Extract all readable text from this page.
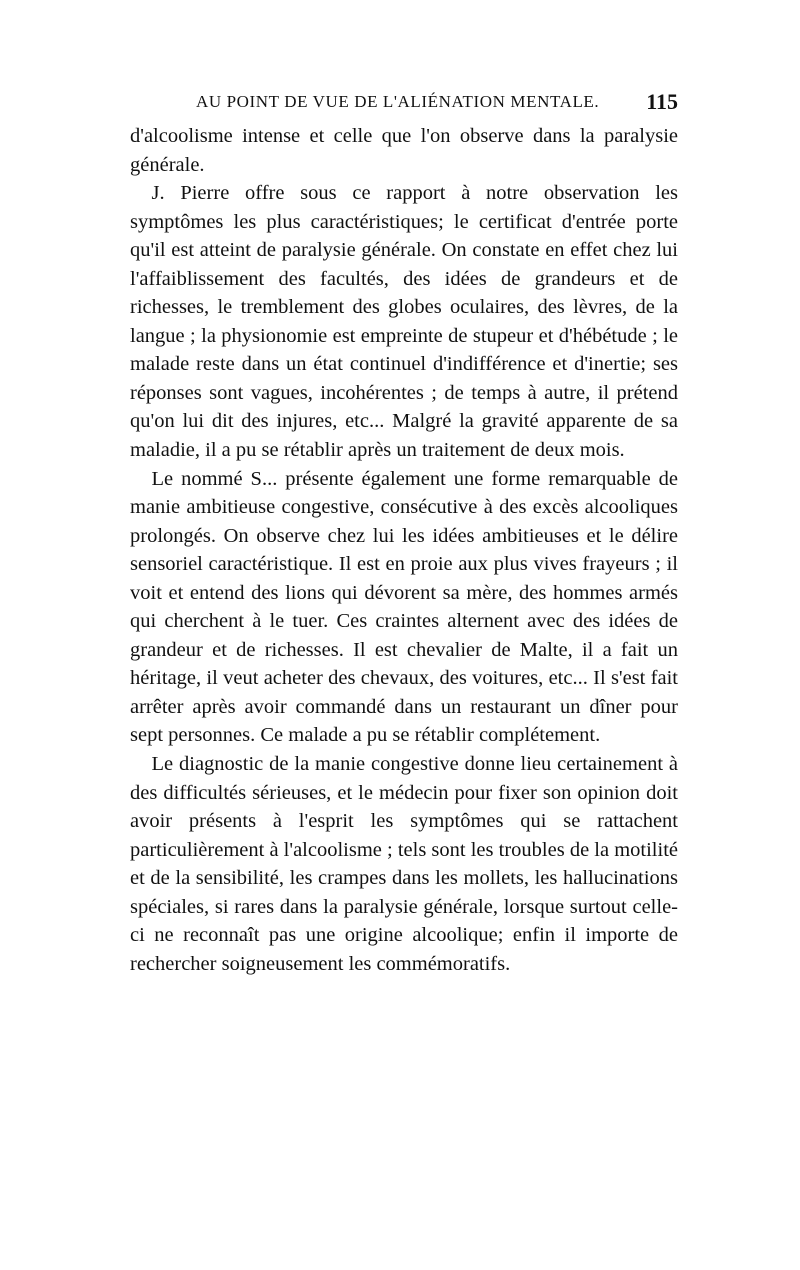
AU POINT DE VUE DE L'ALIÉNATION MENTALE. 115

d'alcoolisme intense et celle que l'on observe dans la paralysie générale.

J. Pierre offre sous ce rapport à notre observation les symptômes les plus caractéristiques; le certificat d'entrée porte qu'il est atteint de paralysie générale. On constate en effet chez lui l'affaiblissement des facultés, des idées de grandeurs et de richesses, le tremblement des globes oculaires, des lèvres, de la langue ; la physionomie est empreinte de stupeur et d'hébétude ; le malade reste dans un état continuel d'indifférence et d'inertie; ses réponses sont vagues, incohérentes ; de temps à autre, il prétend qu'on lui dit des injures, etc... Malgré la gravité apparente de sa maladie, il a pu se rétablir après un traitement de deux mois.

Le nommé S... présente également une forme remarquable de manie ambitieuse congestive, consécutive à des excès alcooliques prolongés. On observe chez lui les idées ambitieuses et le délire sensoriel caractéristique. Il est en proie aux plus vives frayeurs ; il voit et entend des lions qui dévorent sa mère, des hommes armés qui cherchent à le tuer. Ces craintes alternent avec des idées de grandeur et de richesses. Il est chevalier de Malte, il a fait un héritage, il veut acheter des chevaux, des voitures, etc... Il s'est fait arrêter après avoir commandé dans un restaurant un dîner pour sept personnes. Ce malade a pu se rétablir complétement.

Le diagnostic de la manie congestive donne lieu certainement à des difficultés sérieuses, et le médecin pour fixer son opinion doit avoir présents à l'esprit les symptômes qui se rattachent particulièrement à l'alcoolisme ; tels sont les troubles de la motilité et de la sensibilité, les crampes dans les mollets, les hallucinations spéciales, si rares dans la paralysie générale, lorsque surtout celle-ci ne reconnaît pas une origine alcoolique; enfin il importe de rechercher soigneusement les commémoratifs.
